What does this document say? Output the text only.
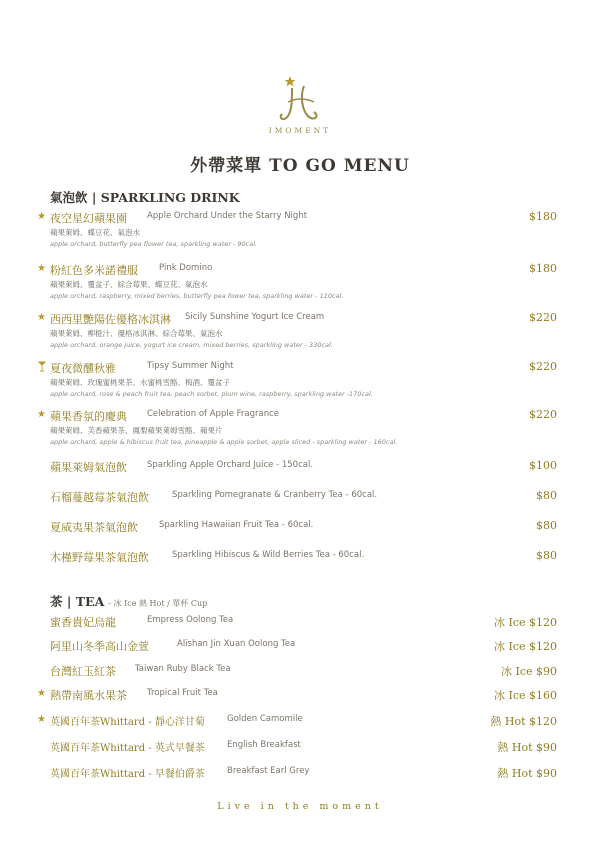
IMOMENT
外帶菜單 TO GO MENU
氣泡飲 | SPARKLING DRINK
★ 夜空星幻蘋果園 Apple Orchard Under the Starry Night	$180
蘋果萊姆、蝶豆花、氣泡水
apple orchard, butterfly pea flower tea, sparkling water - 90cal.
★ 粉紅色多米諾禮服 Pink Domino	$180
蘋果萊姆、覆盆子、綜合莓果、蝶豆花、氣泡水
apple orchard, raspberry, mixed berries, butterfly pea fower tea, sparkling water - 110cal.
★ 西西里艷陽佐優格冰淇淋 Sicily Sunshine Yogurt Ice Cream	$220
蘋果萊姆、柳橙汁、優格冰淇淋、綜合莓果、氣泡水
apple orchard, orange juice, yogurt ice cream, mixed berries, sparkling water - 330cal.
夏夜微醺秋雅	Tipsy Summer Night	$220
蘋果萊姆、玫瑰蜜桃果茶、水蜜桃雪酪、梅酒、覆盆子
apple orchard, rose & peach fruit tea, peach sorbet, plum wine, raspberry, sparkling water -170cal.
★ 蘋果香氛的慶典 Celebration of Apple Fragrance	$220
蘋果萊姆、芙香蘋果茶、鳳梨蘋果萊姆雪酪、蘋果片
apple orchard, apple & hibiscus fruit tea, pineapple & apple sorbet, apple sliced - sparkling water - 160cal.
蘋果萊姆氣泡飲 Sparkling Apple Orchard Juice - 150cal.	$100
石榴蔓越莓茶氣泡飲	Sparkling Pomegranate & Cranberry Tea - 60cal.	$80
夏威夷果茶氣泡飲 Sparkling Hawaiian Fruit Tea - 60cal.	$80
木槿野莓果茶氣泡飲	Sparkling Hibiscus & Wild Berries Tea - 60cal.	$80
茶 | TEA - 冰 Ice 熱 Hot / 單杯 Cup
蜜香貴妃烏龍	Empress Oolong Tea	冰 Ice $120
阿里山冬季高山金萱	Alishan Jin Xuan Oolong Tea	冰 Ice $120
台灣紅玉紅茶 Taiwan Ruby Black Tea	冰 Ice $90
★ 熱帶南風水果茶 Tropical Fruit Tea	冰 Ice $160
★ 英國百年茶Whittard - 靜心洋甘菊	Golden Camomile	熱 Hot $120
英國百年茶Whittard - 英式早餐茶	English Breakfast	熱 Hot $90
英國百年茶Whittard - 早餐伯爵茶	Breakfast Earl Grey	熱 Hot $90
Live in the moment
